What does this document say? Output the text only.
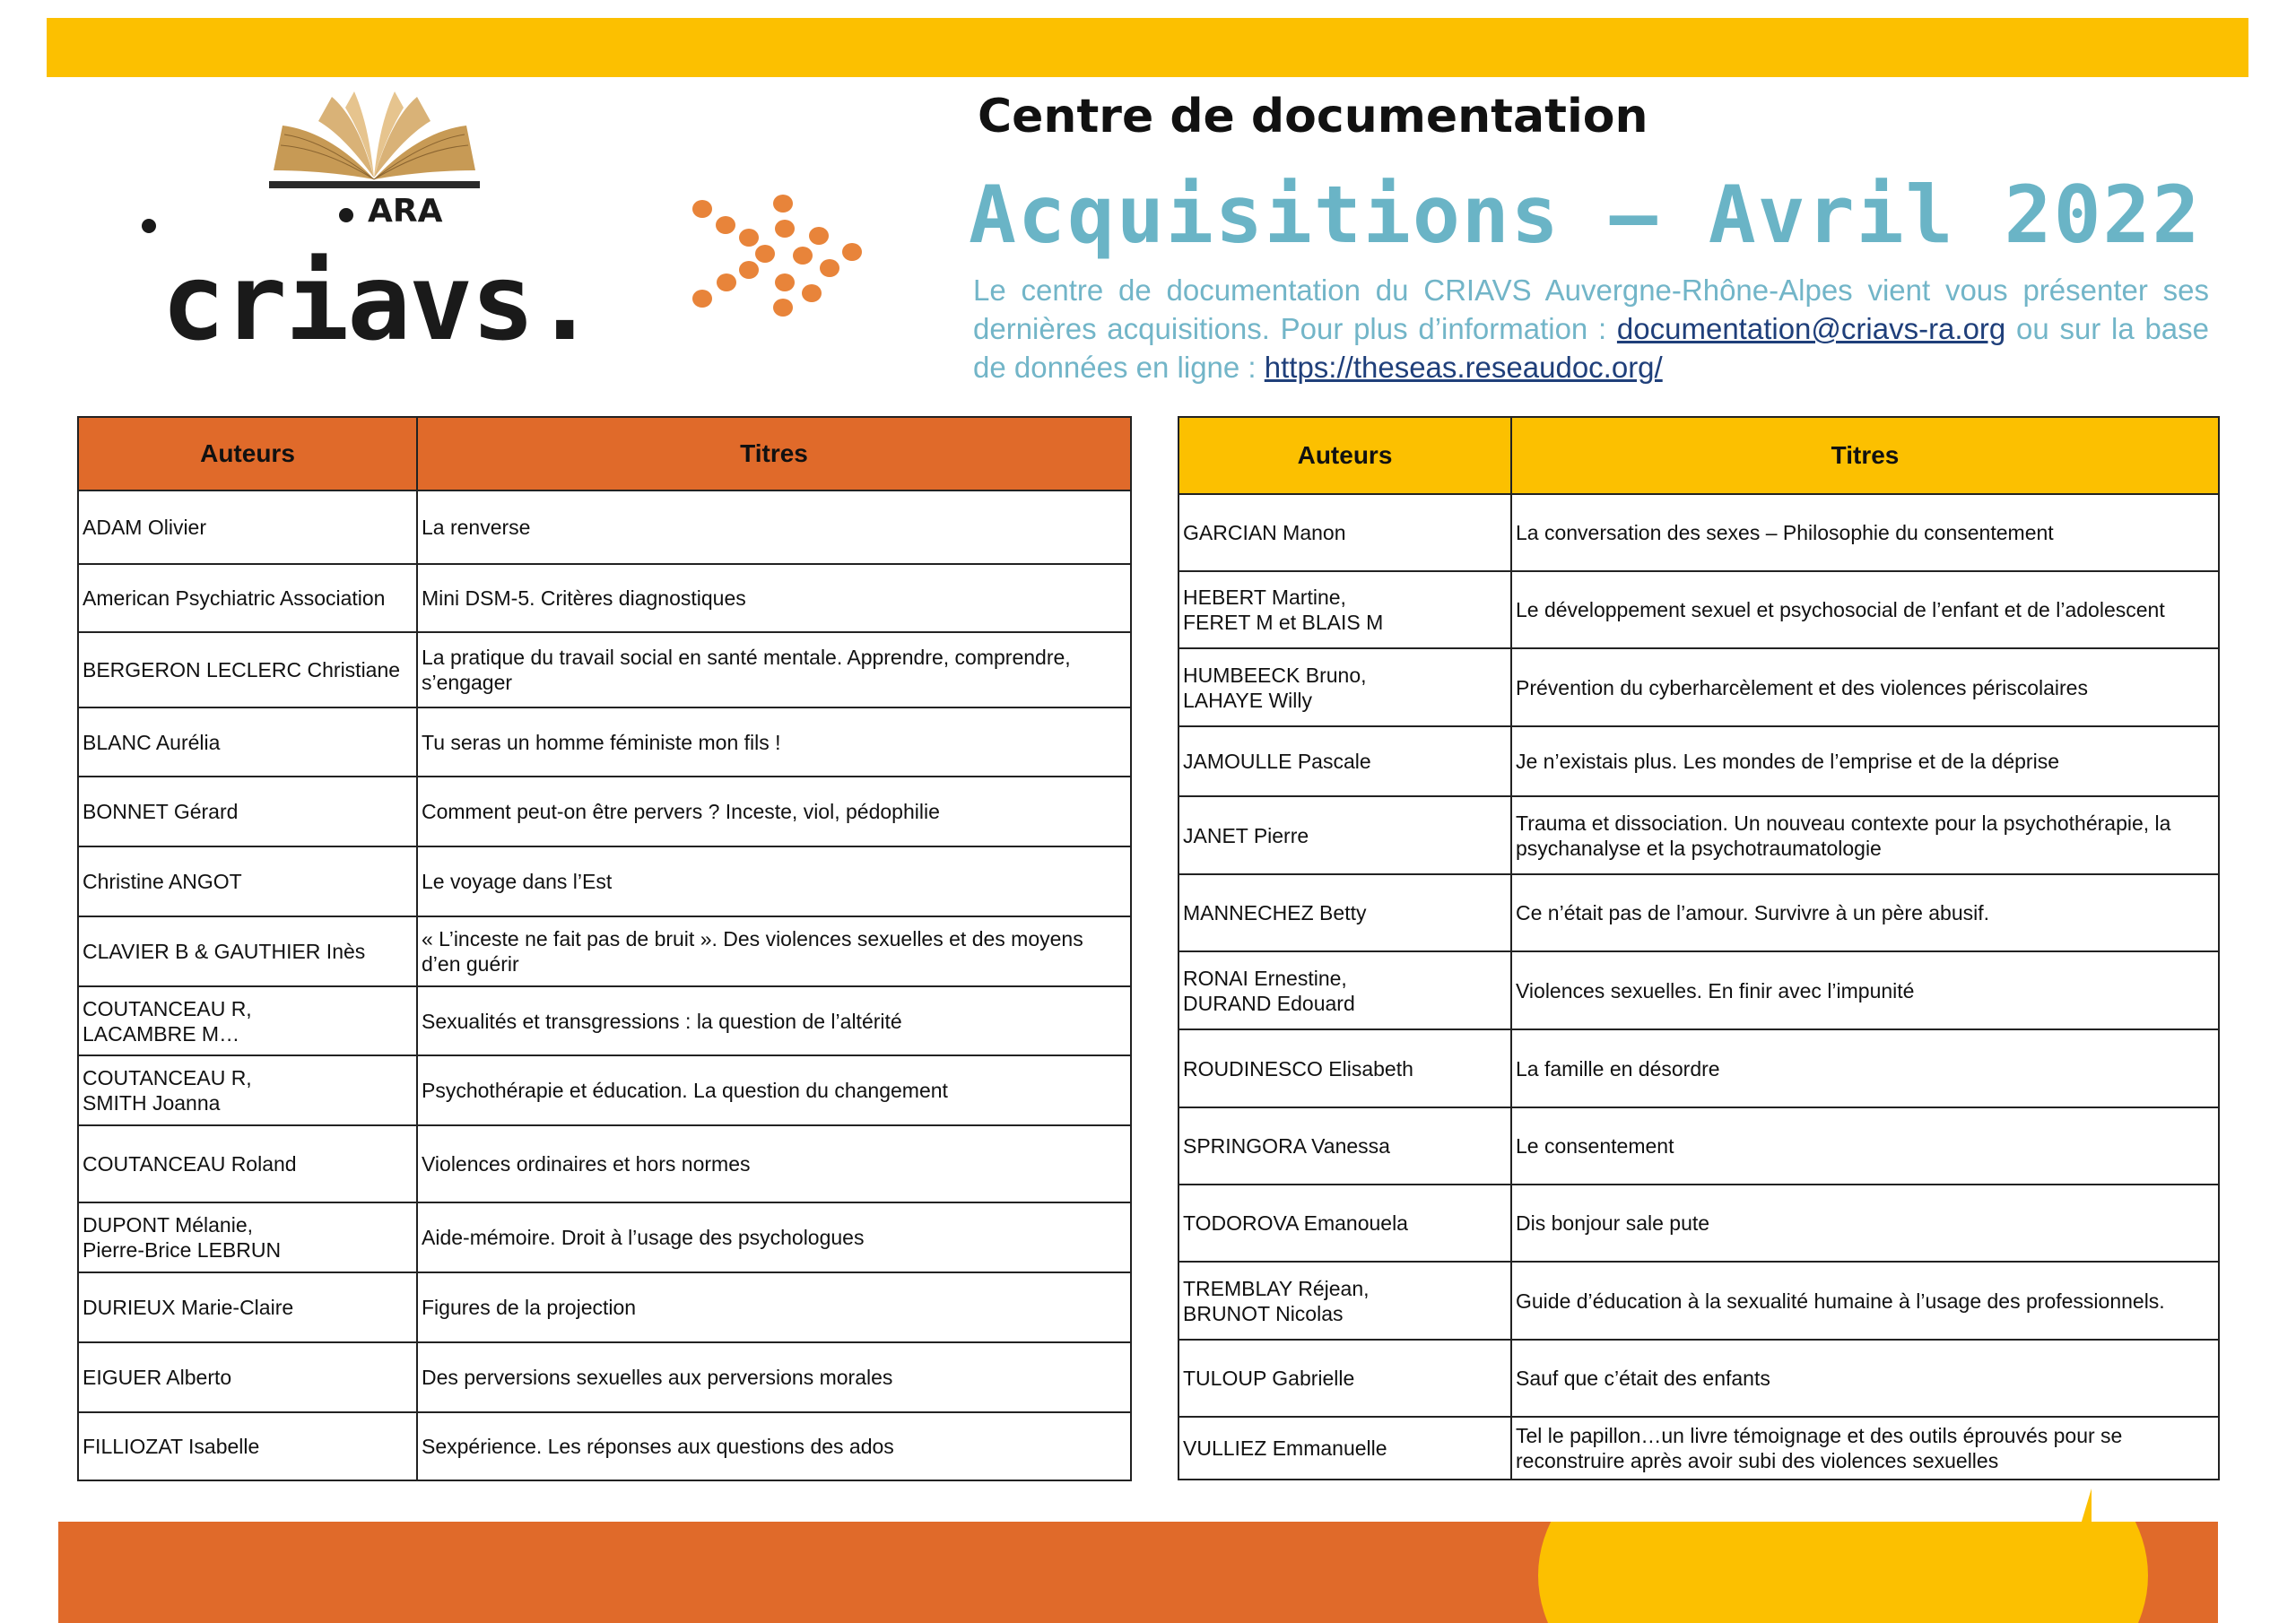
ARA
criavs.
Centre de documentation
Acquisitions – Avril 2022
Le centre de documentation du CRIAVS Auvergne-Rhône-Alpes vient vous présenter ses dernières acquisitions. Pour plus d’information : documentation@criavs-ra.org ou sur la base de données en ligne : https://theseas.reseaudoc.org/
Auteurs	Titres
ADAM Olivier	La renverse
American Psychiatric Association	Mini DSM-5. Critères diagnostiques
BERGERON LECLERC Christiane	La pratique du travail social en santé mentale. Apprendre, comprendre, s’engager
BLANC Aurélia	Tu seras un homme féministe mon fils !
BONNET Gérard	Comment peut-on être pervers ? Inceste, viol, pédophilie
Christine ANGOT	Le voyage dans l’Est
CLAVIER B & GAUTHIER Inès	« L’inceste ne fait pas de bruit ». Des violences sexuelles et des moyens d’en guérir
COUTANCEAU R,
LACAMBRE M…	Sexualités et transgressions : la question de l’altérité
COUTANCEAU R,
SMITH Joanna	Psychothérapie et éducation. La question du changement
COUTANCEAU Roland	Violences ordinaires et hors normes
DUPONT Mélanie,
Pierre-Brice LEBRUN	Aide-mémoire. Droit à l’usage des psychologues
DURIEUX Marie-Claire	Figures de la projection
EIGUER Alberto	Des perversions sexuelles aux perversions morales
FILLIOZAT Isabelle	Sexpérience. Les réponses aux questions des ados
Auteurs	Titres
GARCIAN Manon	La conversation des sexes – Philosophie du consentement
HEBERT Martine,
FERET M et BLAIS M	Le développement sexuel et psychosocial de l’enfant et de l’adolescent
HUMBEECK Bruno,
LAHAYE Willy	Prévention du cyberharcèlement et des violences périscolaires
JAMOULLE Pascale	Je n’existais plus. Les mondes de l’emprise et de la déprise
JANET Pierre	Trauma et dissociation. Un nouveau contexte pour la psychothérapie, la psychanalyse et la psychotraumatologie
MANNECHEZ Betty	Ce n’était pas de l’amour. Survivre à un père abusif.
RONAI Ernestine,
DURAND Edouard	Violences sexuelles. En finir avec l’impunité
ROUDINESCO Elisabeth	La famille en désordre
SPRINGORA Vanessa	Le consentement
TODOROVA Emanouela	Dis bonjour sale pute
TREMBLAY Réjean,
BRUNOT Nicolas	Guide d’éducation à la sexualité humaine à l’usage des professionnels.
TULOUP Gabrielle	Sauf que c’était des enfants
VULLIEZ Emmanuelle	Tel le papillon…un livre témoignage et des outils éprouvés pour se reconstruire après avoir subi des violences sexuelles
